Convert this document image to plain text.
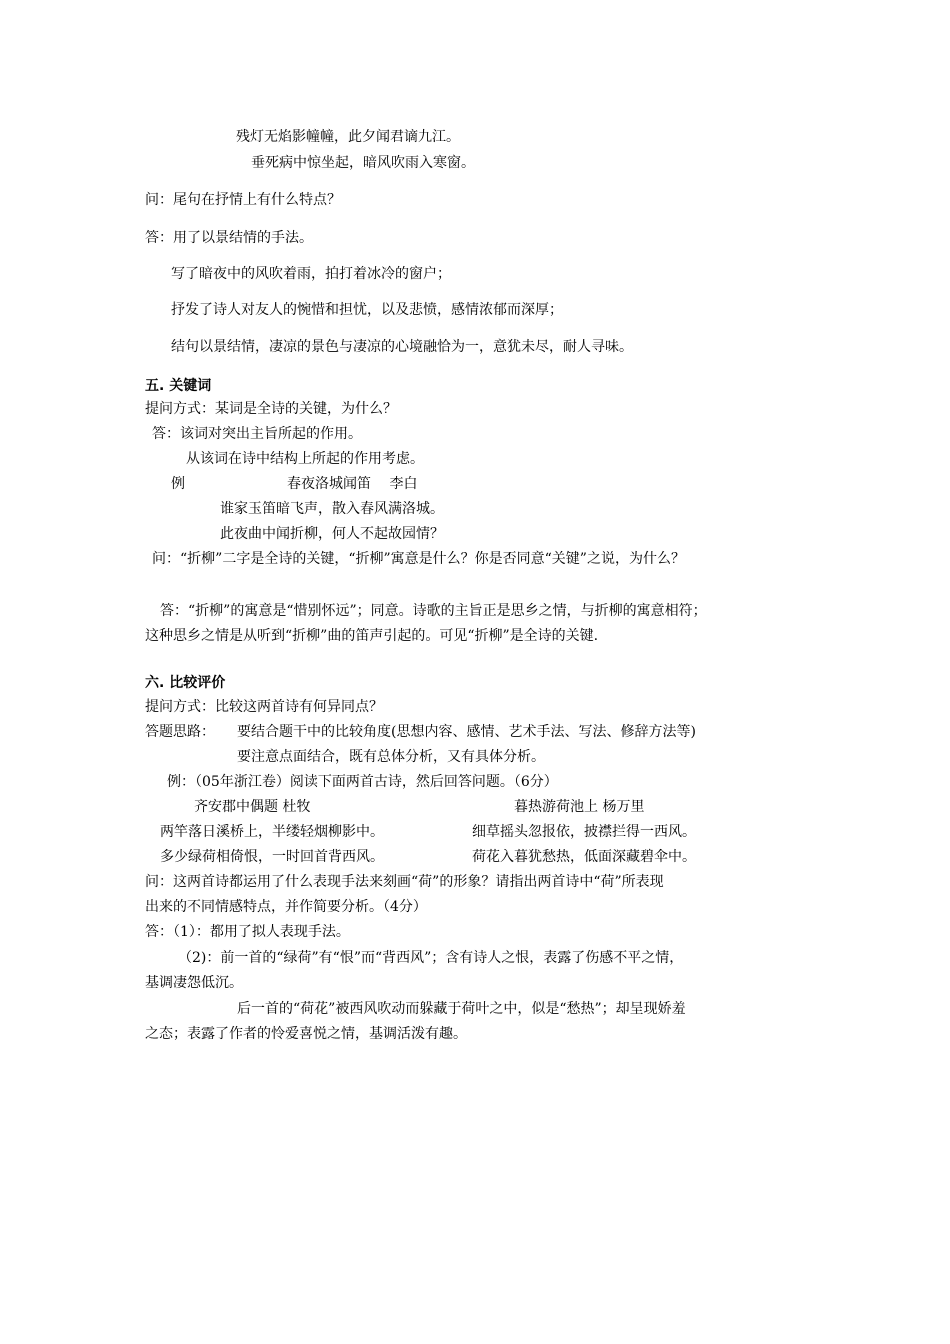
残灯无焰影幢幢，此夕闻君谪九江。
垂死病中惊坐起，暗风吹雨入寒窗。
问：尾句在抒情上有什么特点？
答：用了以景结情的手法。
写了暗夜中的风吹着雨，拍打着冰冷的窗户；
抒发了诗人对友人的惋惜和担忧，以及悲愤，感情浓郁而深厚；
结句以景结情，凄凉的景色与凄凉的心境融恰为一，意犹未尽，耐人寻味。
五. 关键词
提问方式：某词是全诗的关键，为什么？
答：该词对突出主旨所起的作用。
从该词在诗中结构上所起的作用考虑。
例	春夜洛城闻笛　 李白
谁家玉笛暗飞声，散入春风满洛城。
此夜曲中闻折柳，何人不起故园情？
问：“折柳”二字是全诗的关键，“折柳”寓意是什么？你是否同意“关键”之说，为什么？
答：“折柳”的寓意是“惜别怀远”；同意。诗歌的主旨正是思乡之情，与折柳的寓意相符；
这种思乡之情是从听到“折柳”曲的笛声引起的。可见“折柳”是全诗的关键.
六. 比较评价
提问方式：比较这两首诗有何异同点？
答题思路： 要结合题干中的比较角度(思想内容、感情、艺术手法、写法、修辞方法等)
要注意点面结合，既有总体分析，又有具体分析。
例：（05年浙江卷）阅读下面两首古诗，然后回答问题。（6分）
齐安郡中偶题 杜牧	暮热游荷池上 杨万里
两竿落日溪桥上，半缕轻烟柳影中。	细草摇头忽报依，披襟拦得一西风。
多少绿荷相倚恨，一时回首背西风。	荷花入暮犹愁热，低面深藏碧伞中。
问：这两首诗都运用了什么表现手法来刻画“荷”的形象？请指出两首诗中“荷”所表现
出来的不同情感特点，并作简要分析。（4分）
答：（1）：都用了拟人表现手法。
（2)：前一首的“绿荷”有“恨”而“背西风”；含有诗人之恨，表露了伤感不平之情，
基调凄怨低沉。
后一首的“荷花”被西风吹动而躲藏于荷叶之中，似是“愁热”；却呈现娇羞
之态；表露了作者的怜爱喜悦之情，基调活泼有趣。
